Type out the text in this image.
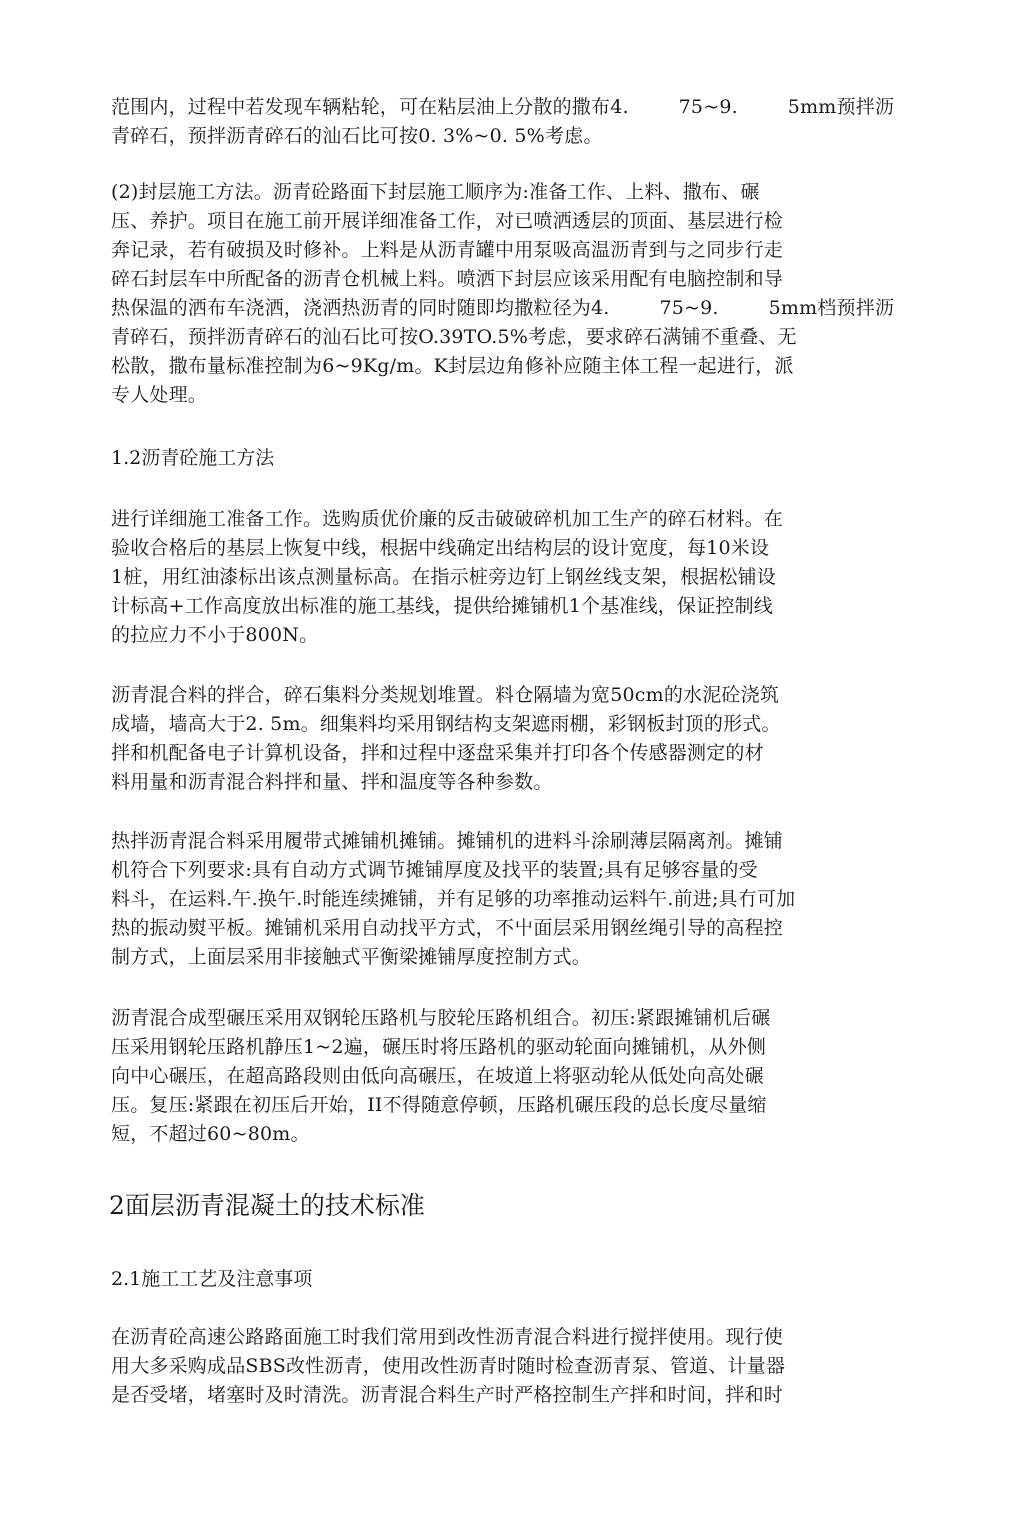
范围内，过程中若发现车辆粘轮，可在粘层油上分散的撒布4.        75~9.        5mm预拌沥
青碎石，预拌沥青碎石的汕石比可按0. 3%~0. 5%考虑。
(2)封层施工方法。沥青砼路面下封层施工顺序为:准备工作、上料、撒布、碾
压、养护。项目在施工前开展详细准备工作，对已喷洒透层的顶面、基层进行检
奔记录，若有破损及时修补。上料是从沥青罐中用泵吸高温沥青到与之同步行走
碎石封层车中所配备的沥青仓机械上料。喷洒下封层应该采用配有电脑控制和导
热保温的洒布车浇洒，浇洒热沥青的同时随即均撒粒径为4.        75~9.        5mm档预拌沥
青碎石，预拌沥青碎石的汕石比可按O.39TO.5%考虑，要求碎石满铺不重叠、无
松散，撒布量标准控制为6~9Kg/m。K封层边角修补应随主体工程一起进行，派
专人处理。
1.2沥青砼施工方法
进行详细施工准备工作。选购质优价廉的反击破破碎机加工生产的碎石材料。在
验收合格后的基层上恢复中线，根据中线确定出结构层的设计宽度，每10米设
1桩，用红油漆标出该点测量标高。在指示桩旁边钉上钢丝线支架，根据松铺设
计标高+工作高度放出标准的施工基线，提供给摊铺机1个基准线，保证控制线
的拉应力不小于800N。
沥青混合料的拌合，碎石集料分类规划堆置。料仓隔墙为宽50cm的水泥砼浇筑
成墙，墙高大于2. 5m。细集料均采用钢结构支架遮雨棚，彩钢板封顶的形式。
拌和机配备电子计算机设备，拌和过程中逐盘采集并打印各个传感器测定的材
料用量和沥青混合料拌和量、拌和温度等各种参数。
热拌沥青混合料采用履带式摊铺机摊铺。摊铺机的进料斗涂刷薄层隔离剂。摊铺
机符合下列要求:具有自动方式调节摊铺厚度及找平的装置;具有足够容量的受
料斗，在运料.午.换午.时能连续摊铺，并有足够的功率推动运料午.前进;具冇可加
热的振动熨平板。摊铺机采用自动找平方式，不屮面层采用钢丝绳引导的高程控
制方式，上面层采用非接触式平衡梁摊铺厚度控制方式。
沥青混合成型碾压采用双钢轮压路机与胶轮压路机组合。初压:紧跟摊铺机后碾
压采用钢轮压路机静压1~2遍，碾压时将压路机的驱动轮面向摊铺机，从外侧
向中心碾压，在超高路段则由低向高碾压，在坡道上将驱动轮从低处向高处碾
压。复压:紧跟在初压后开始，II不得随意停顿，压路机碾压段的总长度尽量缩
短，不超过60~80m。
2面层沥青混凝土的技术标准
2.1施工工艺及注意事项
在沥青砼高速公路路面施工时我们常用到改性沥青混合料进行搅拌使用。现行使
用大多采购成品SBS改性沥青，使用改性沥青时随时检查沥青泵、管道、计量器
是否受堵，堵塞时及时清洗。沥青混合料生产时严格控制生产拌和时间，拌和时
